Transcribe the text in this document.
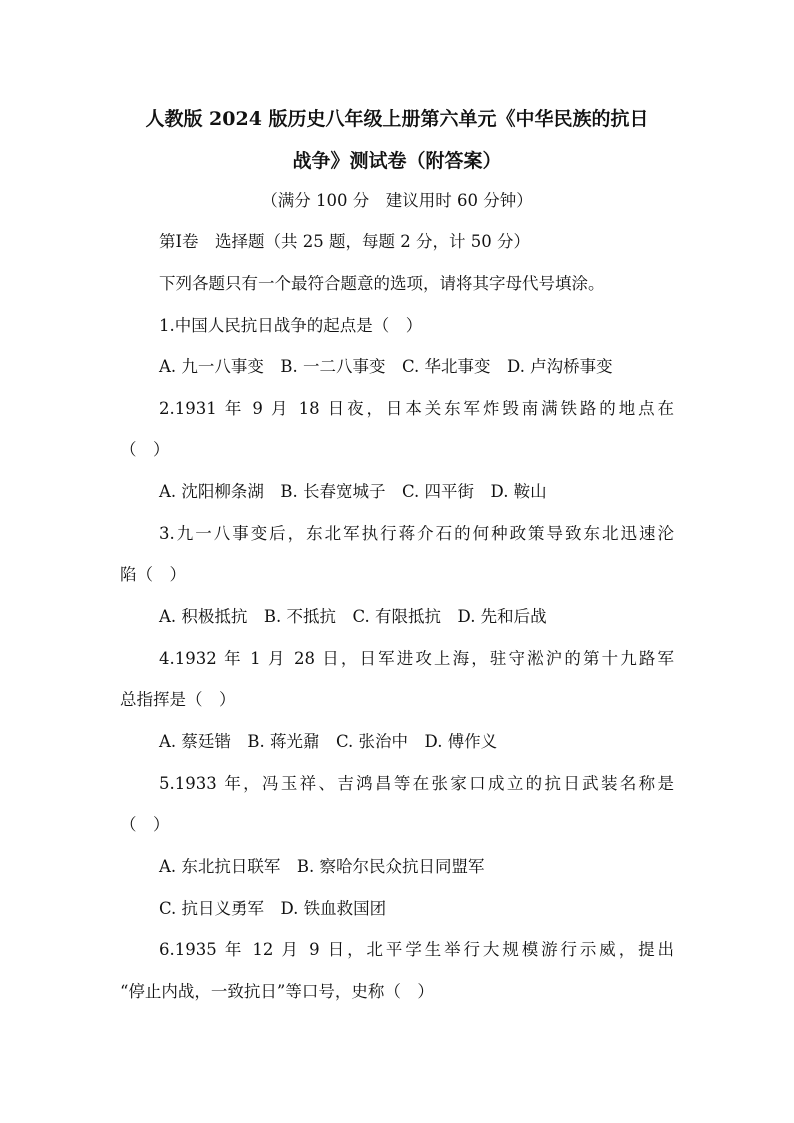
人教版 2024 版历史八年级上册第六单元《中华民族的抗日
战争》测试卷（附答案）
（满分 100 分　建议用时 60 分钟）
第Ⅰ卷　选择题（共 25 题，每题 2 分，计 50 分）
下列各题只有一个最符合题意的选项，请将其字母代号填涂。
1.中国人民抗日战争的起点是（　）
A. 九一八事变　B. 一二八事变　C. 华北事变　D. 卢沟桥事变
2.1931 年 9 月 18 日夜，日本关东军炸毁南满铁路的地点在
（　）
A. 沈阳柳条湖　B. 长春宽城子　C. 四平街　D. 鞍山
3.九一八事变后，东北军执行蒋介石的何种政策导致东北迅速沦
陷（　）
A. 积极抵抗　B. 不抵抗　C. 有限抵抗　D. 先和后战
4.1932 年 1 月 28 日，日军进攻上海，驻守淞沪的第十九路军
总指挥是（　）
A. 蔡廷锴　B. 蒋光鼐　C. 张治中　D. 傅作义
5.1933 年，冯玉祥、吉鸿昌等在张家口成立的抗日武装名称是
（　）
A. 东北抗日联军　B. 察哈尔民众抗日同盟军
C. 抗日义勇军　D. 铁血救国团
6.1935 年 12 月 9 日，北平学生举行大规模游行示威，提出
“停止内战，一致抗日”等口号，史称（　）
